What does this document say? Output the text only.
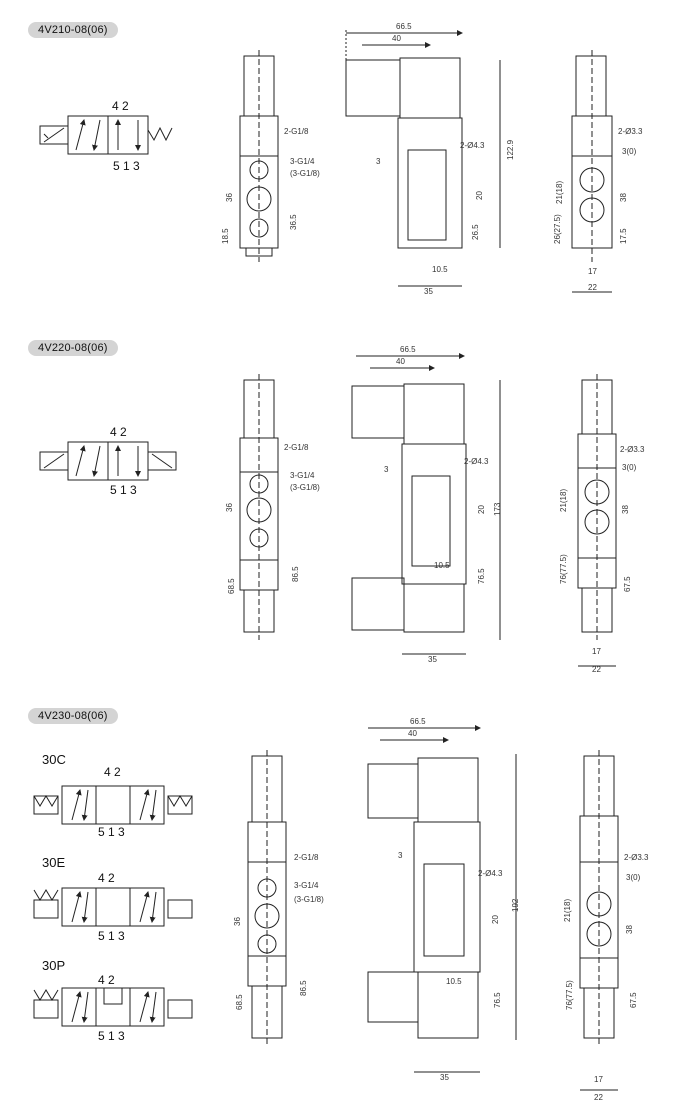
4V210-08(06)
4V220-08(06)
4V230-08(06)
30C
30E
30P
4 2
5 1 3
2-G1/8
3-G1/4
(3-G1/8)
36
18.5
36.5
66.5
40
122.9
2-Ø4.3
3
20
26.5
10.5
35
2-Ø3.3
3(0)
21(18)	38
26(27.5)	17.5
17
22
4 2
5 1 3
2-G1/8
3-G1/4
(3-G1/8)
36
68.5
86.5
66.5
40
173
2-Ø4.3
3
20
76.5
10.5
35
2-Ø3.3
3(0)
21(18)	38
76(77.5)
67.5
17
22
4 2
5 1 3
4 2
5 1 3
4 2
5 1 3
2-G1/8
3-G1/4
(3-G1/8)
36
68.5
86.5
66.5
40
192
2-Ø4.3
3
20
76.5
10.5
35
2-Ø3.3
3(0)
21(18)
38
76(77.5)	67.5
17
22
